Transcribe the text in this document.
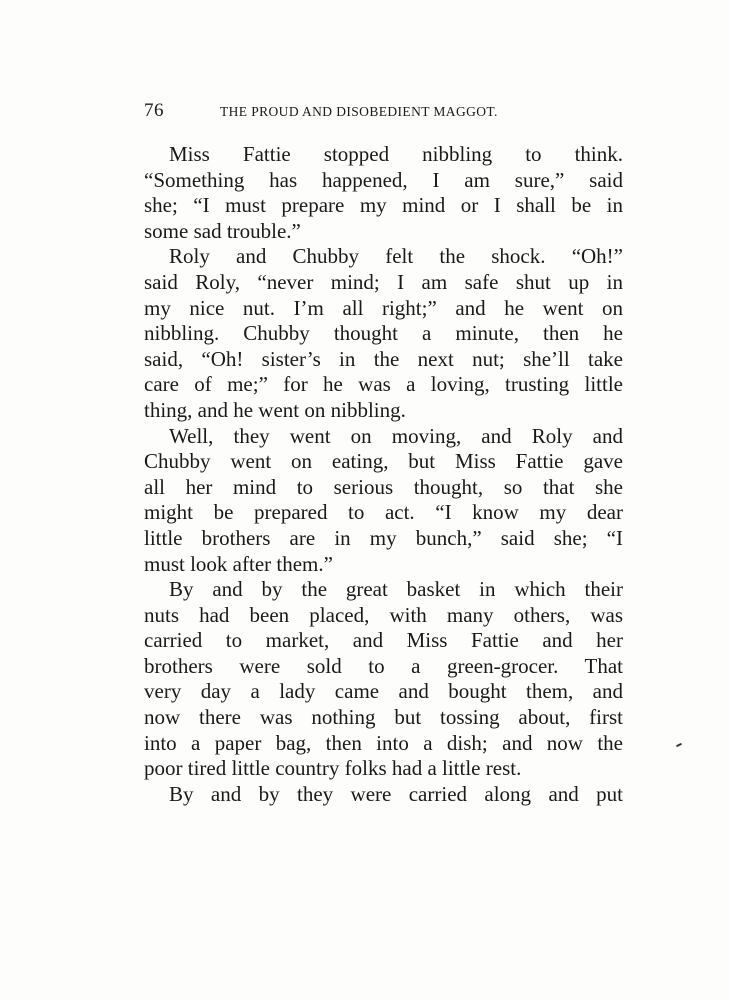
76	THE PROUD AND DISOBEDIENT MAGGOT.
Miss Fattie stopped nibbling to think.
“Something has happened, I am sure,” said
she; “I must prepare my mind or I shall be in
some sad trouble.”
Roly and Chubby felt the shock. “Oh!”
said Roly, “never mind; I am safe shut up in
my nice nut. I’m all right;” and he went on
nibbling. Chubby thought a minute, then he
said, “Oh! sister’s in the next nut; she’ll take
care of me;” for he was a loving, trusting little
thing, and he went on nibbling.
Well, they went on moving, and Roly and
Chubby went on eating, but Miss Fattie gave
all her mind to serious thought, so that she
might be prepared to act. “I know my dear
little brothers are in my bunch,” said she; “I
must look after them.”
By and by the great basket in which their
nuts had been placed, with many others, was
carried to market, and Miss Fattie and her
brothers were sold to a green-grocer. That
very day a lady came and bought them, and
now there was nothing but tossing about, first
into a paper bag, then into a dish; and now the
poor tired little country folks had a little rest.
By and by they were carried along and put
